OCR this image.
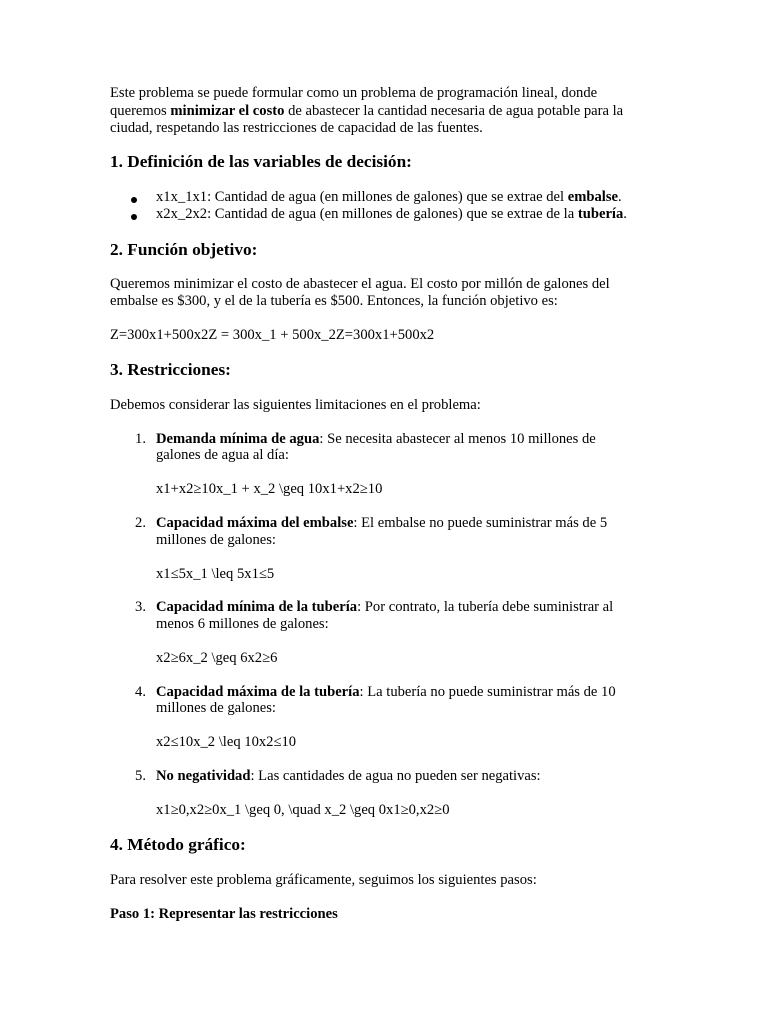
Este problema se puede formular como un problema de programación lineal, donde

queremos minimizar el costo de abastecer la cantidad necesaria de agua potable para la

ciudad, respetando las restricciones de capacidad de las fuentes.

1. Definición de las variables de decisión:

x1x_1x1: Cantidad de agua (en millones de galones) que se extrae del embalse.

x2x_2x2: Cantidad de agua (en millones de galones) que se extrae de la tubería.

2. Función objetivo:

Queremos minimizar el costo de abastecer el agua. El costo por millón de galones del

embalse es $300, y el de la tubería es $500. Entonces, la función objetivo es:

Z=300x1+500x2Z = 300x_1 + 500x_2Z=300x1+500x2

3. Restricciones:

Debemos considerar las siguientes limitaciones en el problema:

1. Demanda mínima de agua: Se necesita abastecer al menos 10 millones de

galones de agua al día:

x1+x2≥10x_1 + x_2 \geq 10x1+x2≥10

2. Capacidad máxima del embalse: El embalse no puede suministrar más de 5

millones de galones:

x1≤5x_1 \leq 5x1≤5

3. Capacidad mínima de la tubería: Por contrato, la tubería debe suministrar al

menos 6 millones de galones:

x2≥6x_2 \geq 6x2≥6

4. Capacidad máxima de la tubería: La tubería no puede suministrar más de 10

millones de galones:

x2≤10x_2 \leq 10x2≤10

5. No negatividad: Las cantidades de agua no pueden ser negativas:

x1≥0,x2≥0x_1 \geq 0, \quad x_2 \geq 0x1≥0,x2≥0

4. Método gráfico:

Para resolver este problema gráficamente, seguimos los siguientes pasos:

Paso 1: Representar las restricciones
